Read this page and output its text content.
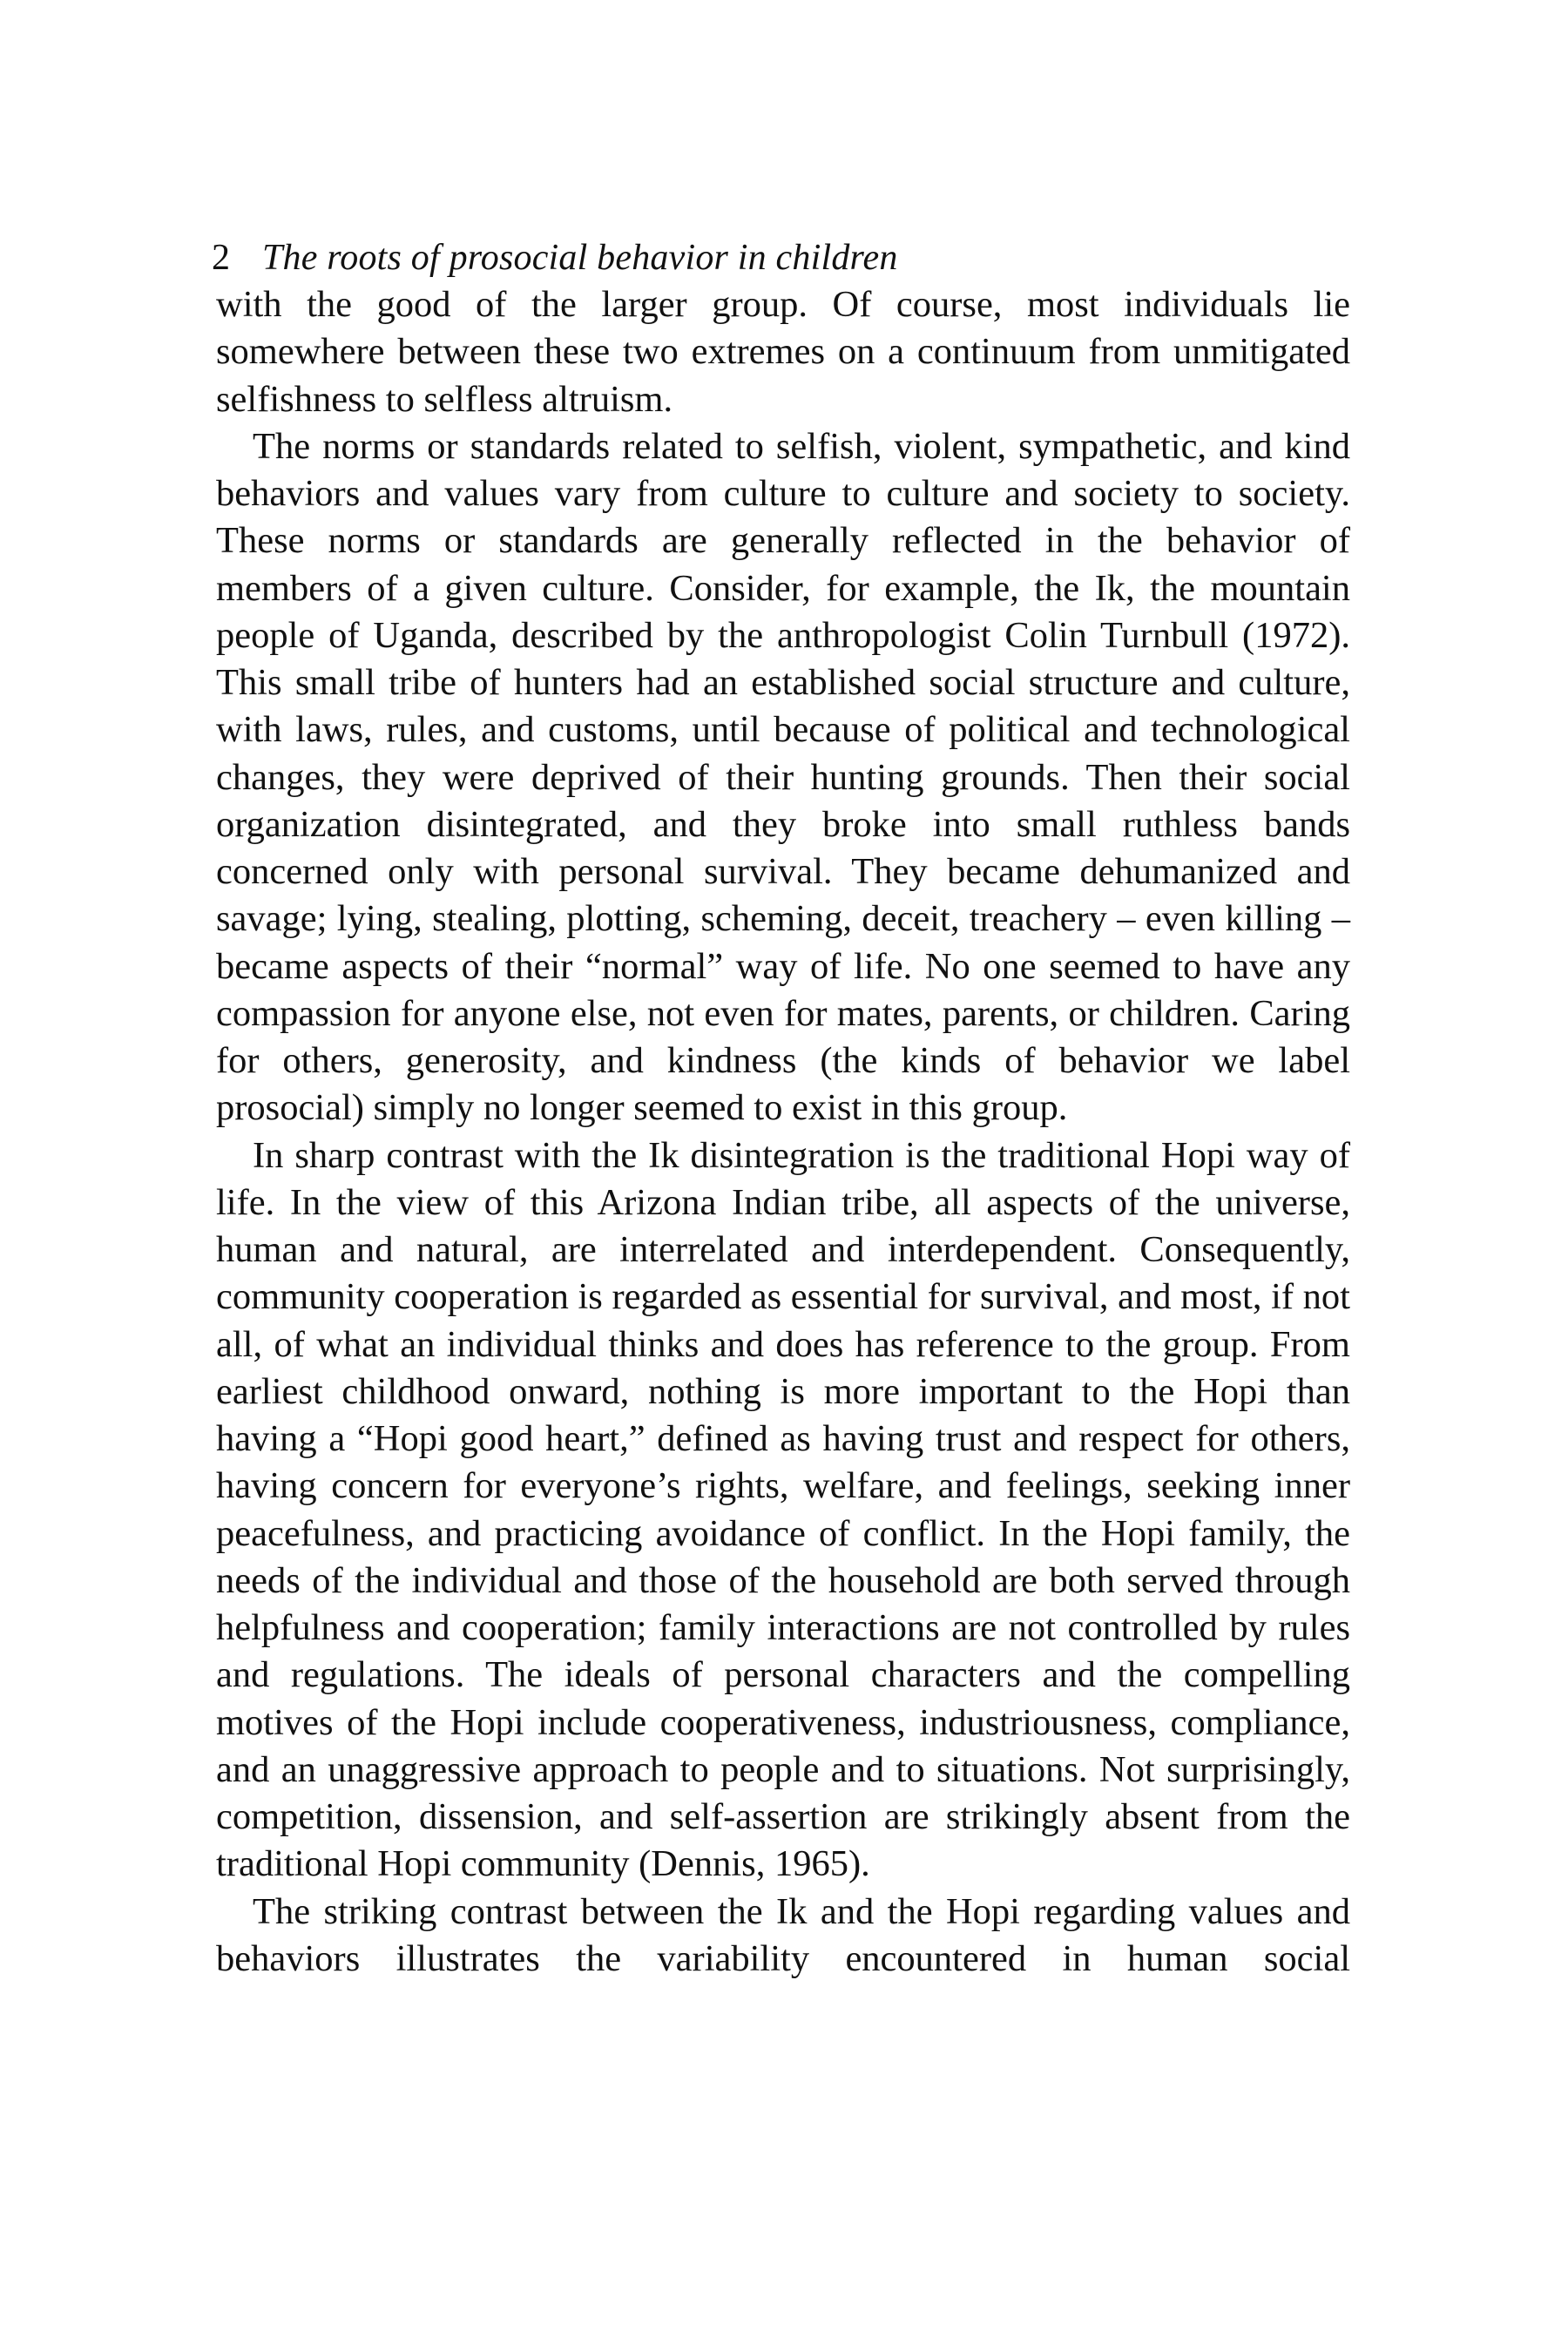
2 The roots of prosocial behavior in children

with the good of the larger group. Of course, most individuals lie somewhere between these two extremes on a continuum from unmitigated selfishness to selfless altruism.

The norms or standards related to selfish, violent, sympathetic, and kind behaviors and values vary from culture to culture and society to society. These norms or standards are generally reflected in the behavior of members of a given culture. Consider, for example, the Ik, the mountain people of Uganda, described by the anthropologist Colin Turnbull (1972). This small tribe of hunters had an established social structure and culture, with laws, rules, and customs, until because of political and technological changes, they were deprived of their hunting grounds. Then their social organization disintegrated, and they broke into small ruthless bands concerned only with personal survival. They became dehumanized and savage; lying, stealing, plotting, scheming, deceit, treachery – even killing – became aspects of their “normal” way of life. No one seemed to have any compassion for anyone else, not even for mates, parents, or children. Caring for others, generosity, and kindness (the kinds of behavior we label prosocial) simply no longer seemed to exist in this group.

In sharp contrast with the Ik disintegration is the traditional Hopi way of life. In the view of this Arizona Indian tribe, all aspects of the universe, human and natural, are interrelated and interdependent. Consequently, community cooperation is regarded as essential for survival, and most, if not all, of what an individual thinks and does has reference to the group. From earliest childhood onward, nothing is more important to the Hopi than having a “Hopi good heart,” defined as having trust and respect for others, having concern for everyone’s rights, welfare, and feelings, seeking inner peacefulness, and practicing avoidance of conflict. In the Hopi family, the needs of the individual and those of the household are both served through helpfulness and cooperation; family interactions are not controlled by rules and regulations. The ideals of personal characters and the compelling motives of the Hopi include cooperativeness, industriousness, compliance, and an unaggressive approach to people and to situations. Not surprisingly, competition, dissension, and self-assertion are strikingly absent from the traditional Hopi community (Dennis, 1965).

The striking contrast between the Ik and the Hopi regarding values and behaviors illustrates the variability encountered in human social
